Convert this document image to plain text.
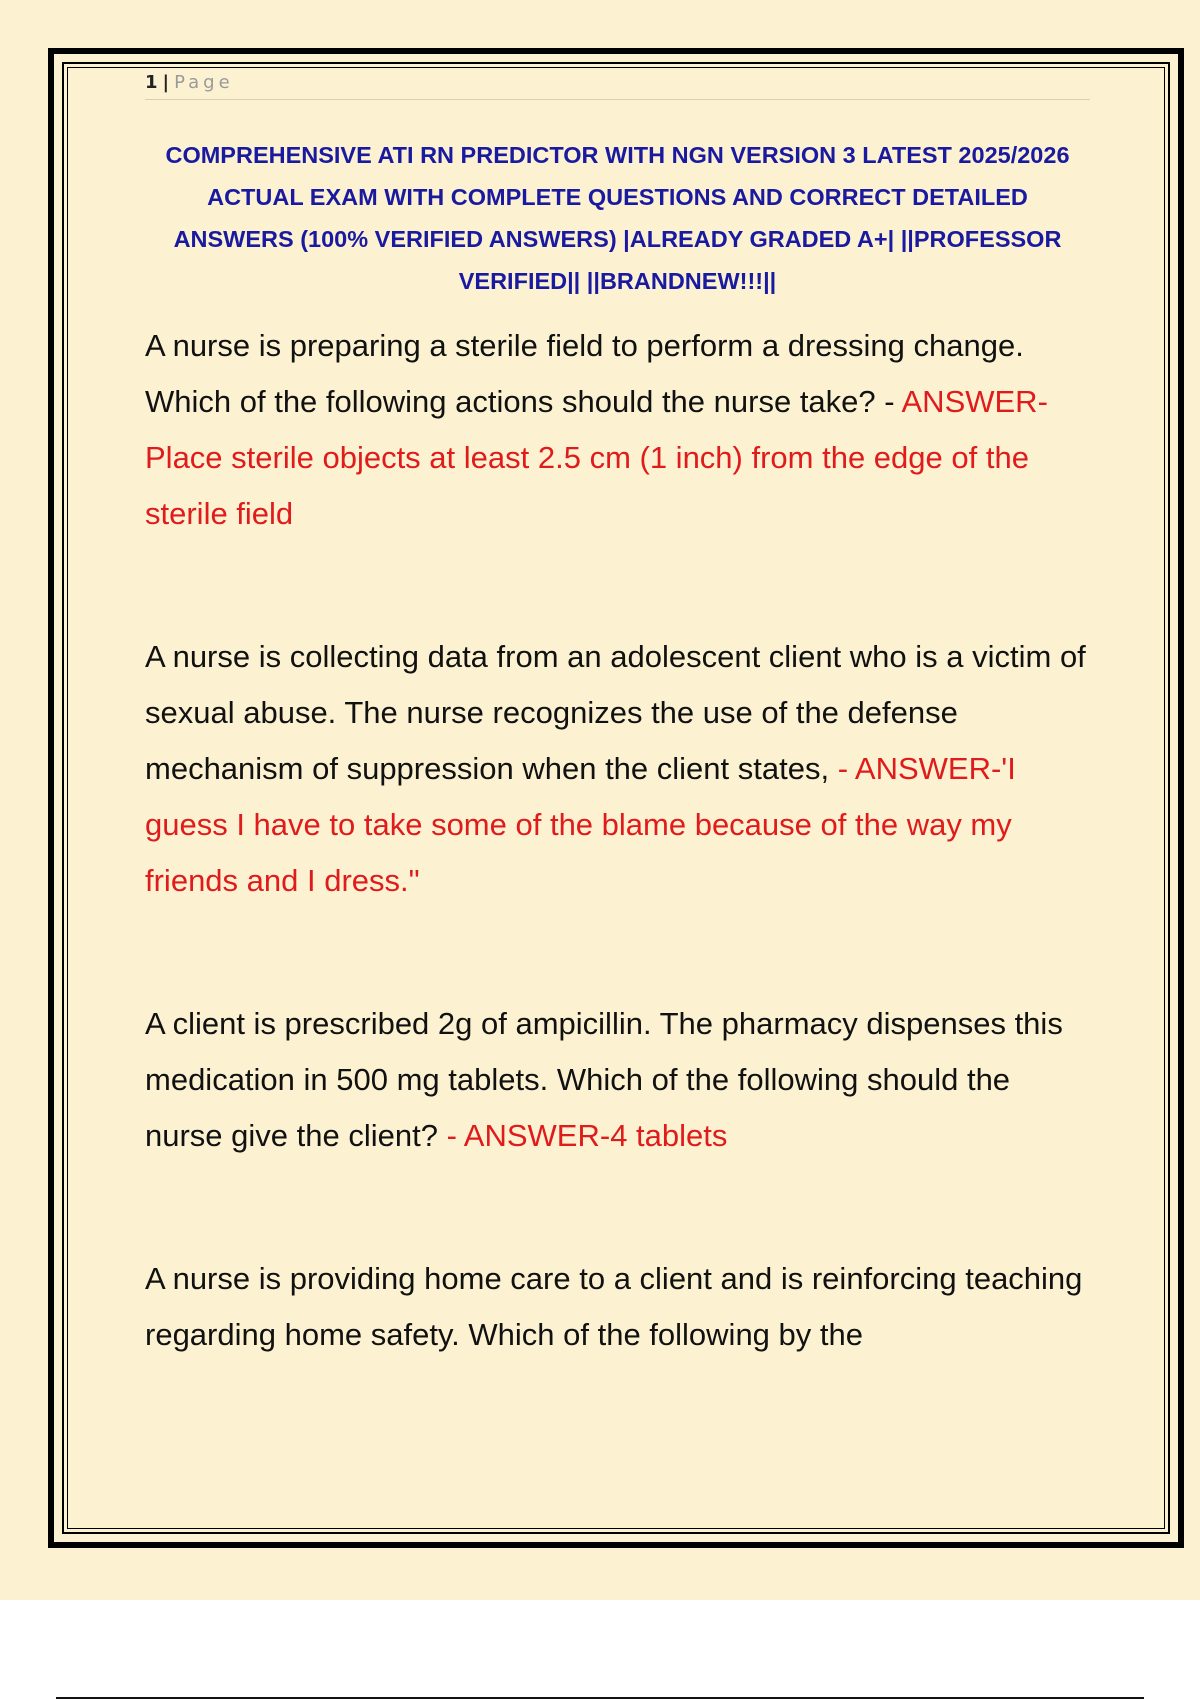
1 | Page
COMPREHENSIVE ATI RN PREDICTOR WITH NGN VERSION 3 LATEST 2025/2026 ACTUAL EXAM WITH COMPLETE QUESTIONS AND CORRECT DETAILED ANSWERS (100% VERIFIED ANSWERS) |ALREADY GRADED A+| ||PROFESSOR VERIFIED|| ||BRANDNEW!!!||

A nurse is preparing a sterile field to perform a dressing change. Which of the following actions should the nurse take? - ANSWER- Place sterile objects at least 2.5 cm (1 inch) from the edge of the sterile field

A nurse is collecting data from an adolescent client who is a victim of sexual abuse. The nurse recognizes the use of the defense mechanism of suppression when the client states, - ANSWER-'I guess I have to take some of the blame because of the way my friends and I dress."

A client is prescribed 2g of ampicillin. The pharmacy dispenses this medication in 500 mg tablets. Which of the following should the nurse give the client? - ANSWER-4 tablets

A nurse is providing home care to a client and is reinforcing teaching regarding home safety. Which of the following by the
